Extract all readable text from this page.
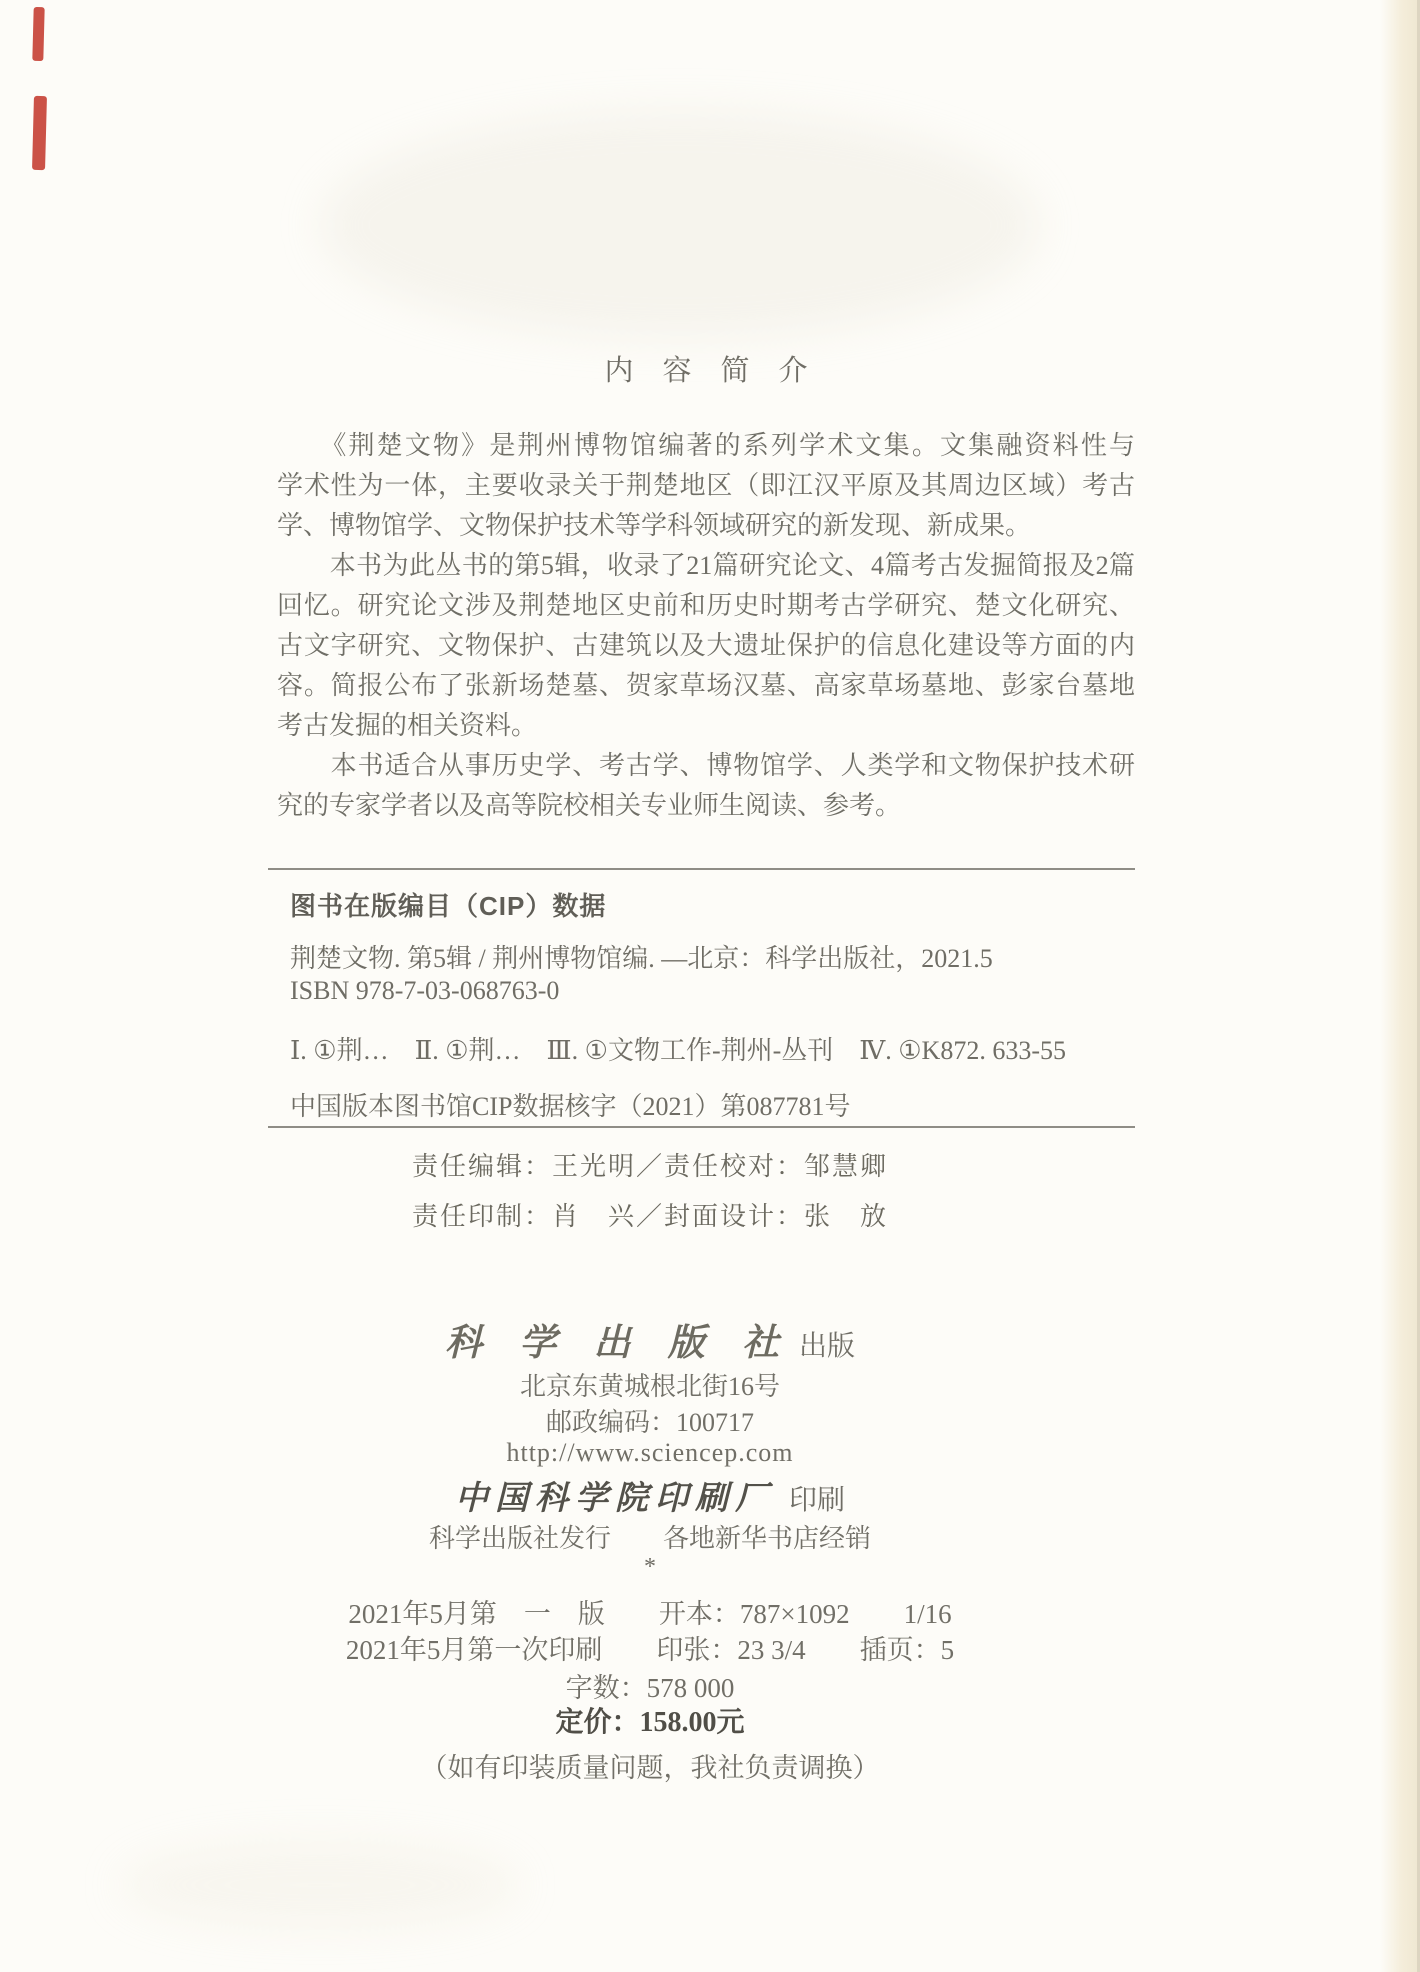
内　容　简　介
　　《荆楚文物》是荆州博物馆编著的系列学术文集。文集融资料性与
学术性为一体，主要收录关于荆楚地区（即江汉平原及其周边区域）考古
学、博物馆学、文物保护技术等学科领域研究的新发现、新成果。
　　本书为此丛书的第5辑，收录了21篇研究论文、4篇考古发掘简报及2篇
回忆。研究论文涉及荆楚地区史前和历史时期考古学研究、楚文化研究、
古文字研究、文物保护、古建筑以及大遗址保护的信息化建设等方面的内
容。简报公布了张新场楚墓、贺家草场汉墓、高家草场墓地、彭家台墓地
考古发掘的相关资料。
　　本书适合从事历史学、考古学、博物馆学、人类学和文物保护技术研
究的专家学者以及高等院校相关专业师生阅读、参考。
图书在版编目（CIP）数据
荆楚文物. 第5辑 / 荆州博物馆编. —北京：科学出版社，2021.5
ISBN 978-7-03-068763-0
Ⅰ. ①荆…　Ⅱ. ①荆…　Ⅲ. ①文物工作-荆州-丛刊　Ⅳ. ①K872. 633-55
中国版本图书馆CIP数据核字（2021）第087781号
责任编辑：王光明／责任校对：邹慧卿
责任印制：肖　兴／封面设计：张　放
科 学 出 版 社 出版
北京东黄城根北街16号
邮政编码：100717
http://www.sciencep.com
中国科学院印刷厂 印刷
科学出版社发行　　各地新华书店经销
*
2021年5月第　一　版　　开本：787×1092　　1/16
2021年5月第一次印刷　　印张：23 3/4　　插页：5
字数：578 000
定价：158.00元
（如有印装质量问题，我社负责调换）
